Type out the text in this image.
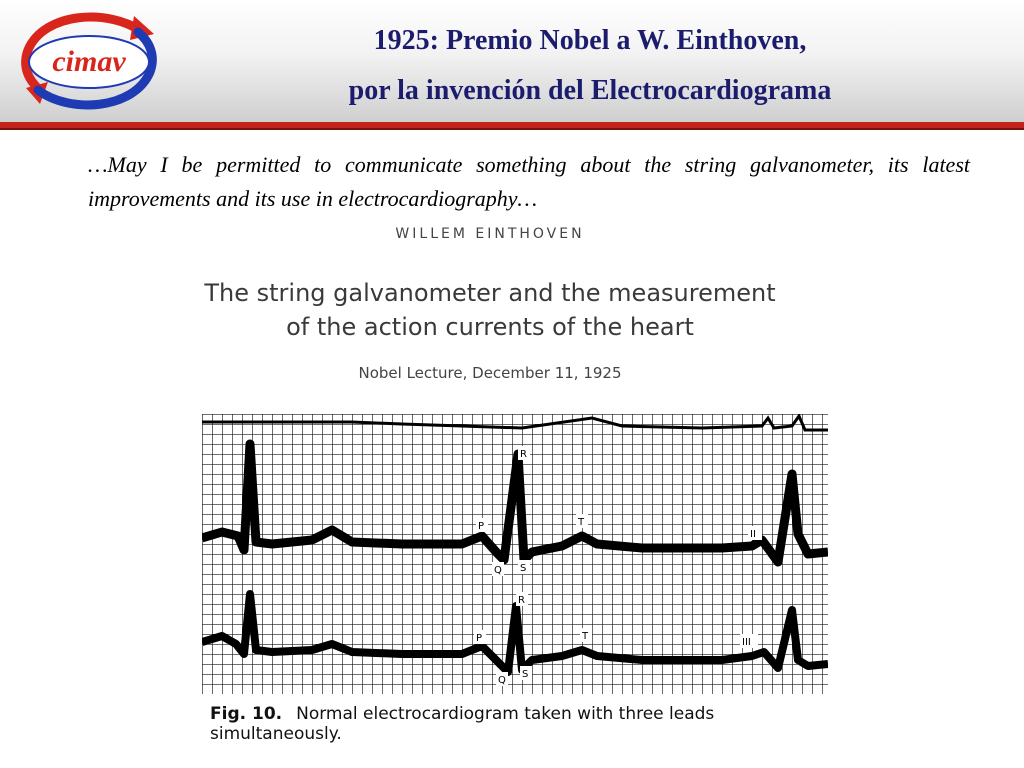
cimav
1925: Premio Nobel a W. Einthoven,
por la invención del Electrocardiograma
…May I be permitted to communicate something about the string galvanometer, its latest improvements and its use in electrocardiography…
WILLEM EINTHOVEN
The string galvanometer and the measurement
of the action currents of the heart
Nobel Lecture, December 11, 1925
R
P	T
Q S
II
R
P	T
Q
S
III
Fig. 10. Normal electrocardiogram taken with three leads simultaneously.
